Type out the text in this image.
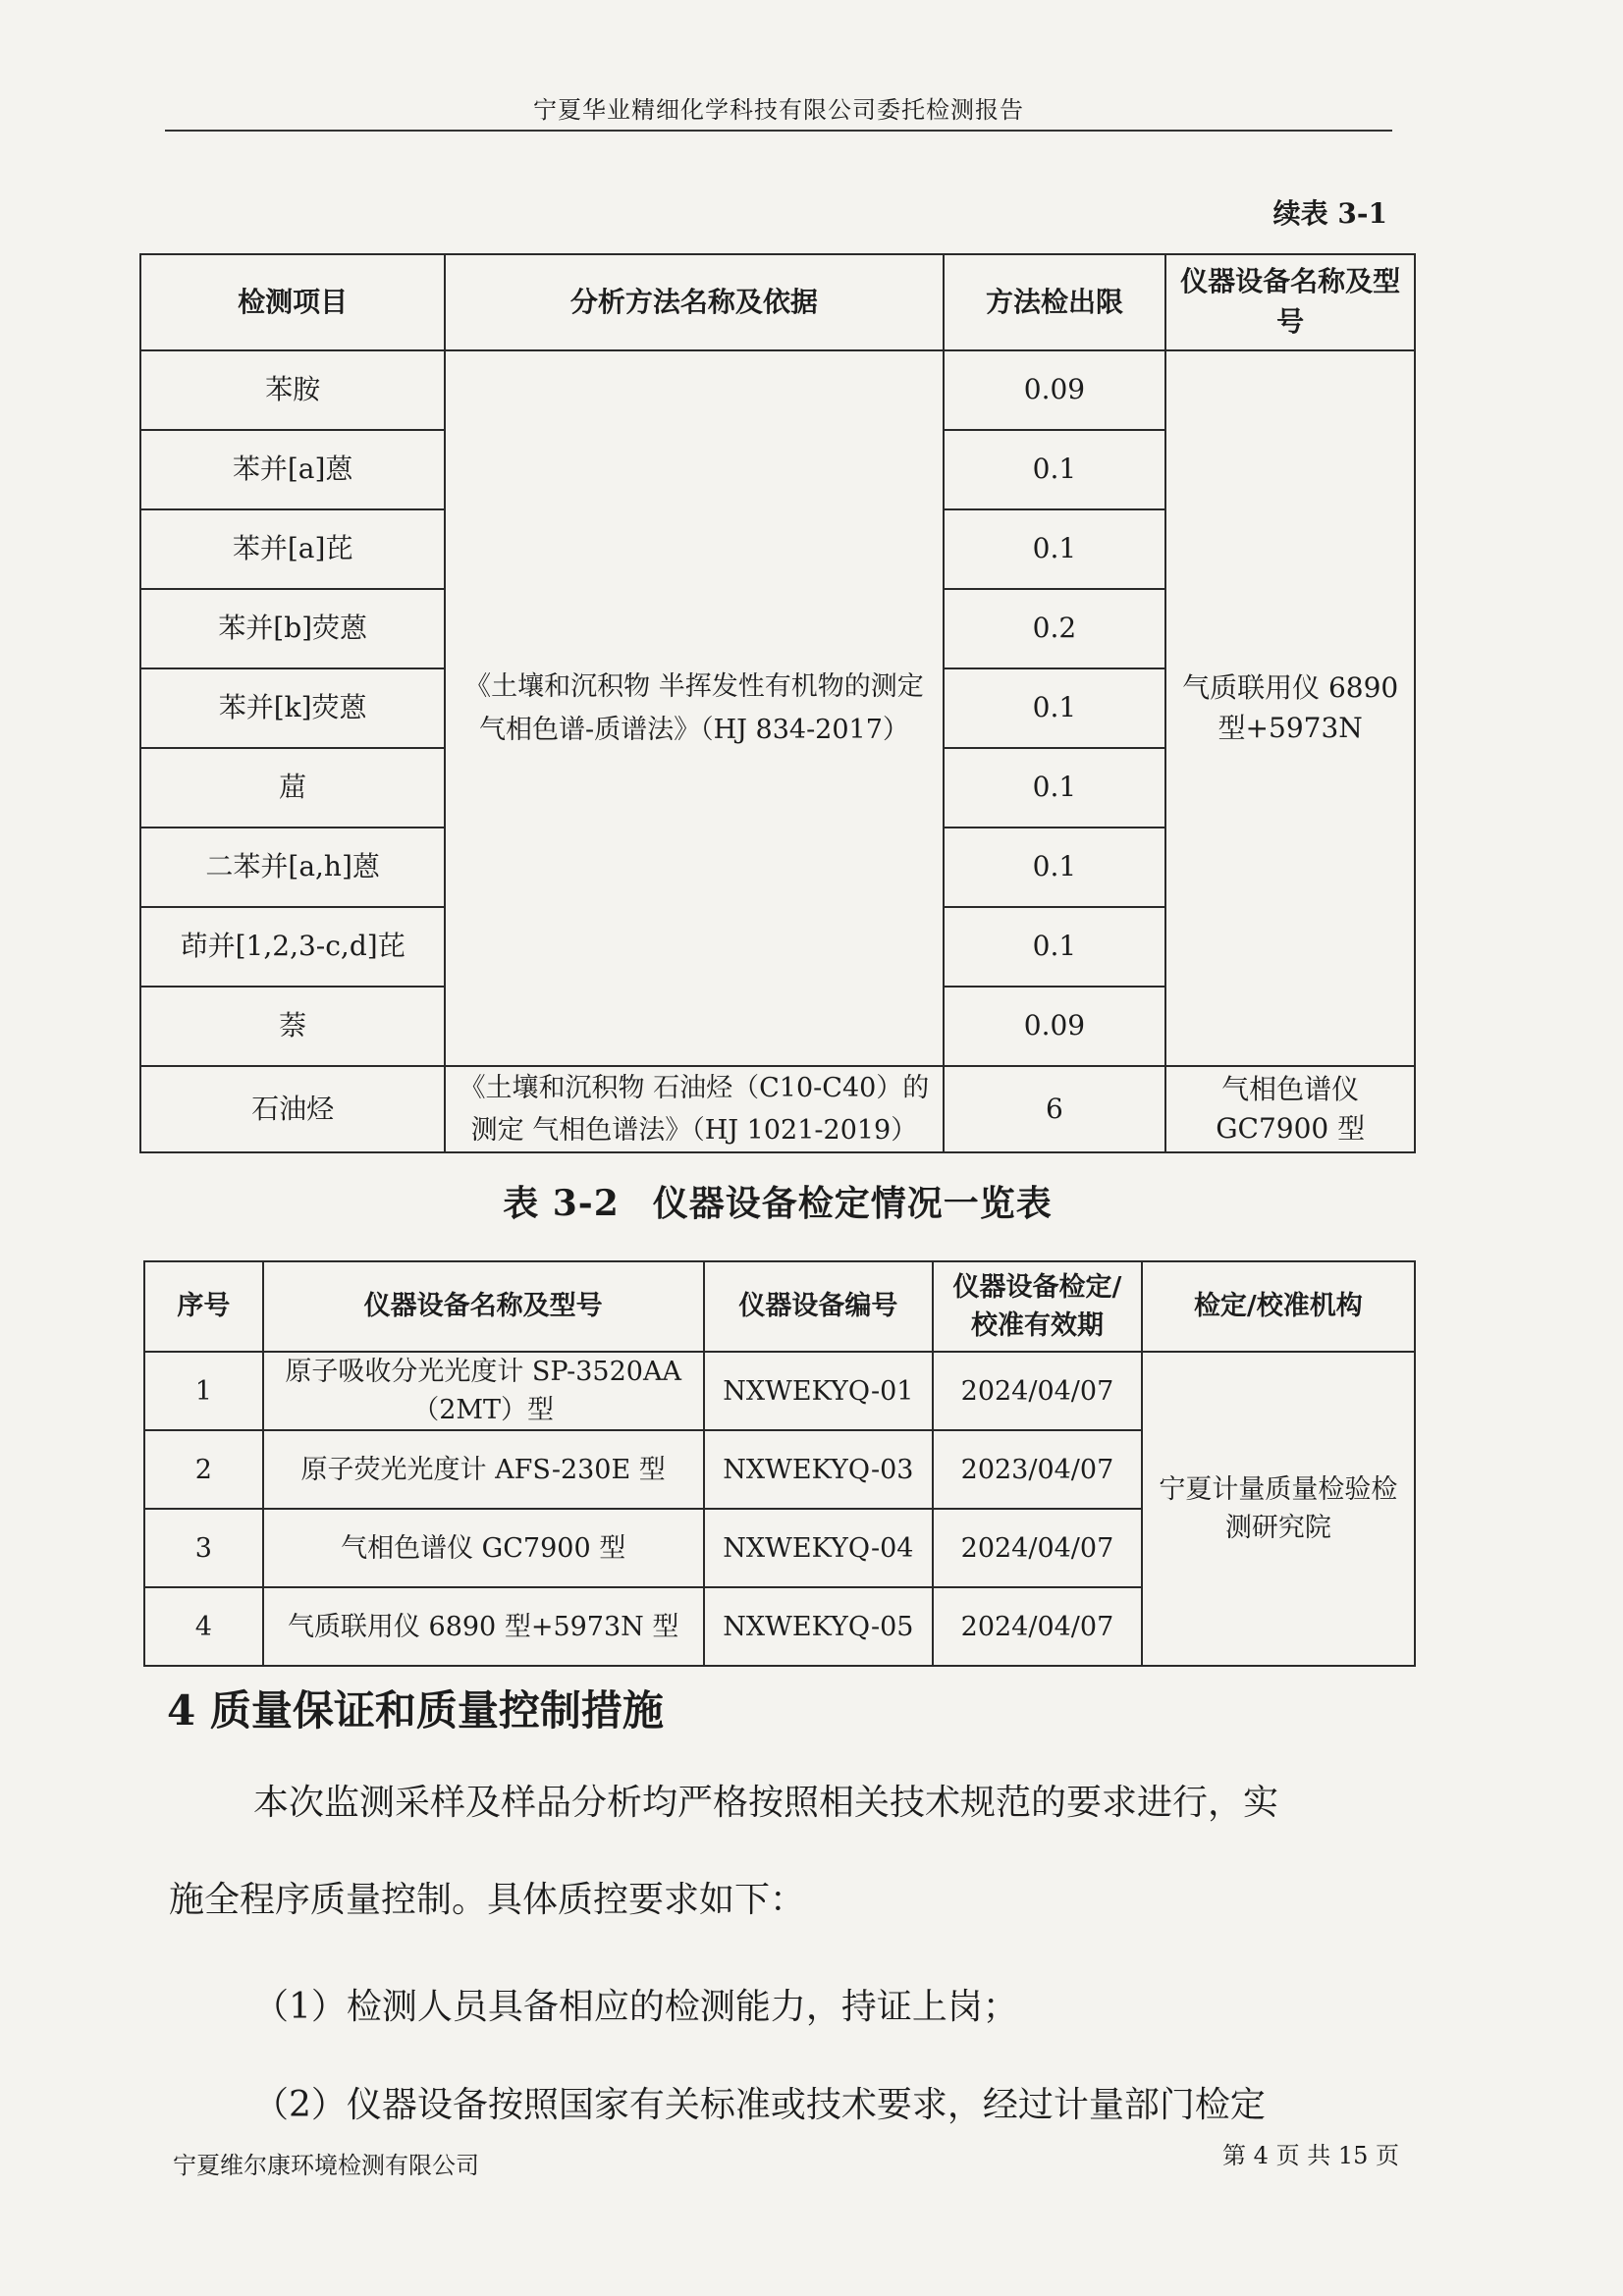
宁夏华业精细化学科技有限公司委托检测报告
续表 3-1
检测项目	分析方法名称及依据	方法检出限	仪器设备名称及型号
苯胺	《土壤和沉积物 半挥发性有机物的测定 气相色谱-质谱法》（HJ 834-2017）	0.09	气质联用仪 6890 型+5973N
苯并[a]蒽		0.1	
苯并[a]芘		0.1	
苯并[b]荧蒽		0.2	
苯并[k]荧蒽		0.1	
䓛		0.1	
二苯并[a,h]蒽		0.1	
茚并[1,2,3-c,d]芘		0.1	
萘		0.09	
石油烃	《土壤和沉积物 石油烃（C10-C40）的测定 气相色谱法》（HJ 1021-2019）	6	气相色谱仪 GC7900 型
表 3-2 仪器设备检定情况一览表
序号	仪器设备名称及型号	仪器设备编号	仪器设备检定/校准有效期	检定/校准机构
1	原子吸收分光光度计 SP-3520AA（2MT）型	NXWEKYQ-01	2024/04/07	宁夏计量质量检验检测研究院
2	原子荧光光度计 AFS-230E 型	NXWEKYQ-03	2023/04/07	
3	气相色谱仪 GC7900 型	NXWEKYQ-04	2024/04/07	
4	气质联用仪 6890 型+5973N 型	NXWEKYQ-05	2024/04/07	
4 质量保证和质量控制措施
本次监测采样及样品分析均严格按照相关技术规范的要求进行，实
施全程序质量控制。具体质控要求如下：
（1）检测人员具备相应的检测能力，持证上岗；
（2）仪器设备按照国家有关标准或技术要求，经过计量部门检定
宁夏维尔康环境检测有限公司	第 4 页 共 15 页
